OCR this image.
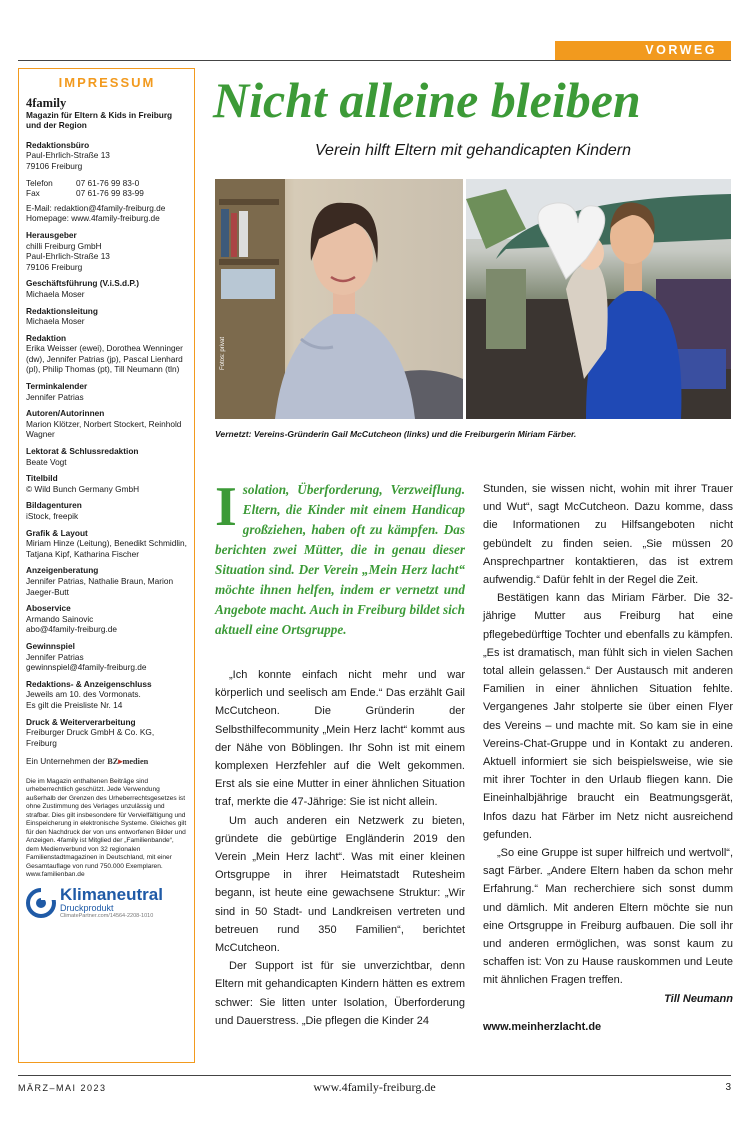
VORWEG
IMPRESSUM
4family
Magazin für Eltern & Kids in Freiburg und der Region
Redaktionsbüro
Paul-Ehrlich-Straße 13
79106 Freiburg
Telefon	07 61-76 99 83-0
Fax	07 61-76 99 83-99
E-Mail: redaktion@4family-freiburg.de
Homepage: www.4family-freiburg.de
Herausgeber
chilli Freiburg GmbH
Paul-Ehrlich-Straße 13
79106 Freiburg
Geschäftsführung (V.i.S.d.P.)
Michaela Moser
Redaktionsleitung
Michaela Moser
Redaktion
Erika Weisser (ewei), Dorothea Wenninger (dw), Jennifer Patrias (jp), Pascal Lienhard (pl), Philip Thomas (pt), Till Neumann (tln)
Terminkalender
Jennifer Patrias
Autoren/Autorinnen
Marion Klötzer, Norbert Stockert, Reinhold Wagner
Lektorat & Schlussredaktion
Beate Vogt
Titelbild
© Wild Bunch Germany GmbH
Bildagenturen
iStock, freepik
Grafik & Layout
Miriam Hinze (Leitung), Benedikt Schmidlin, Tatjana Kipf, Katharina Fischer
Anzeigenberatung
Jennifer Patrias, Nathalie Braun, Marion Jaeger-Butt
Aboservice
Armando Sainovic
abo@4family-freiburg.de
Gewinnspiel
Jennifer Patrias
gewinnspiel@4family-freiburg.de
Redaktions- & Anzeigenschluss
Jeweils am 10. des Vormonats.
Es gilt die Preisliste Nr. 14
Druck & Weiterverarbeitung
Freiburger Druck GmbH & Co. KG,
Freiburg
Ein Unternehmen der BZ▸medien
Die im Magazin enthaltenen Beiträge sind urheberrechtlich geschützt. Jede Verwendung außerhalb der Grenzen des Urheberrechtsgesetzes ist ohne Zustimmung des Verlages unzulässig und strafbar. Dies gilt insbesondere für Vervielfältigung und Einspeicherung in elektronische Systeme. Gleiches gilt für den Nachdruck der von uns entworfenen Bilder und Anzeigen. 4family ist Mitglied der „Familienbande“, dem Medienverbund von 32 regionalen Familienstadtmagazinen in Deutschland, mit einer Gesamtauflage von rund 750.000 Exemplaren. www.familienban.de
Klimaneutral
Druckprodukt
ClimatePartner.com/14564-2208-1010
Nicht alleine bleiben
Verein hilft Eltern mit gehandicapten Kindern
Fotos: privat
Vernetzt: Vereins-Gründerin Gail McCutcheon (links) und die Freiburgerin Miriam Färber.
Isolation, Überforderung, Verzweiflung. Eltern, die Kinder mit einem Handicap großziehen, haben oft zu kämpfen. Das berichten zwei Mütter, die in genau dieser Situation sind. Der Verein „Mein Herz lacht“ möchte ihnen helfen, indem er vernetzt und Angebote macht. Auch in Freiburg bildet sich aktuell eine Ortsgruppe.

„Ich konnte einfach nicht mehr und war körperlich und seelisch am Ende.“ Das erzählt Gail McCutcheon. Die Gründerin der Selbsthilfecommunity „Mein Herz lacht“ kommt aus der Nähe von Böblingen. Ihr Sohn ist mit einem komplexen Herzfehler auf die Welt gekommen. Erst als sie eine Mutter in einer ähnlichen Situation traf, merkte die 47-Jährige: Sie ist nicht allein.

Um auch anderen ein Netzwerk zu bieten, gründete die gebürtige Engländerin 2019 den Verein „Mein Herz lacht“. Was mit einer kleinen Ortsgruppe in ihrer Heimatstadt Rutesheim begann, ist heute eine gewachsene Struktur: „Wir sind in 50 Stadt- und Landkreisen vertreten und betreuen rund 350 Familien“, berichtet McCutcheon.

Der Support ist für sie unverzichtbar, denn Eltern mit gehandicapten Kindern hätten es extrem schwer: Sie litten unter Isolation, Überforderung und Dauerstress. „Die pflegen die Kinder 24

Stunden, sie wissen nicht, wohin mit ihrer Trauer und Wut“, sagt McCutcheon. Dazu komme, dass die Informationen zu Hilfsangeboten nicht gebündelt zu finden seien. „Sie müssen 20 Ansprechpartner kontaktieren, das ist extrem aufwendig.“ Dafür fehlt in der Regel die Zeit.

Bestätigen kann das Miriam Färber. Die 32-jährige Mutter aus Freiburg hat eine pflegebedürftige Tochter und ebenfalls zu kämpfen. „Es ist dramatisch, man fühlt sich in vielen Sachen total allein gelassen.“ Der Austausch mit anderen Familien in einer ähnlichen Situation fehlte. Vergangenes Jahr stolperte sie über einen Flyer des Vereins – und machte mit. So kam sie in eine Vereins-Chat-Gruppe und in Kontakt zu anderen. Aktuell informiert sie sich beispielsweise, wie sie mit ihrer Tochter in den Urlaub fliegen kann. Die Eineinhalbjährige braucht ein Beatmungsgerät, Infos dazu hat Färber im Netz nicht ausreichend gefunden.

„So eine Gruppe ist super hilfreich und wertvoll“, sagt Färber. „Andere Eltern haben da schon mehr Erfahrung.“ Man recherchiere sich sonst dumm und dämlich. Mit anderen Eltern möchte sie nun eine Ortsgruppe in Freiburg aufbauen. Die soll ihr und anderen ermöglichen, was sonst kaum zu schaffen ist: Von zu Hause rauskommen und Leute mit ähnlichen Fragen treffen.

Till Neumann
www.meinherzlacht.de
MÄRZ–MAI 2023	www.4family-freiburg.de	3
